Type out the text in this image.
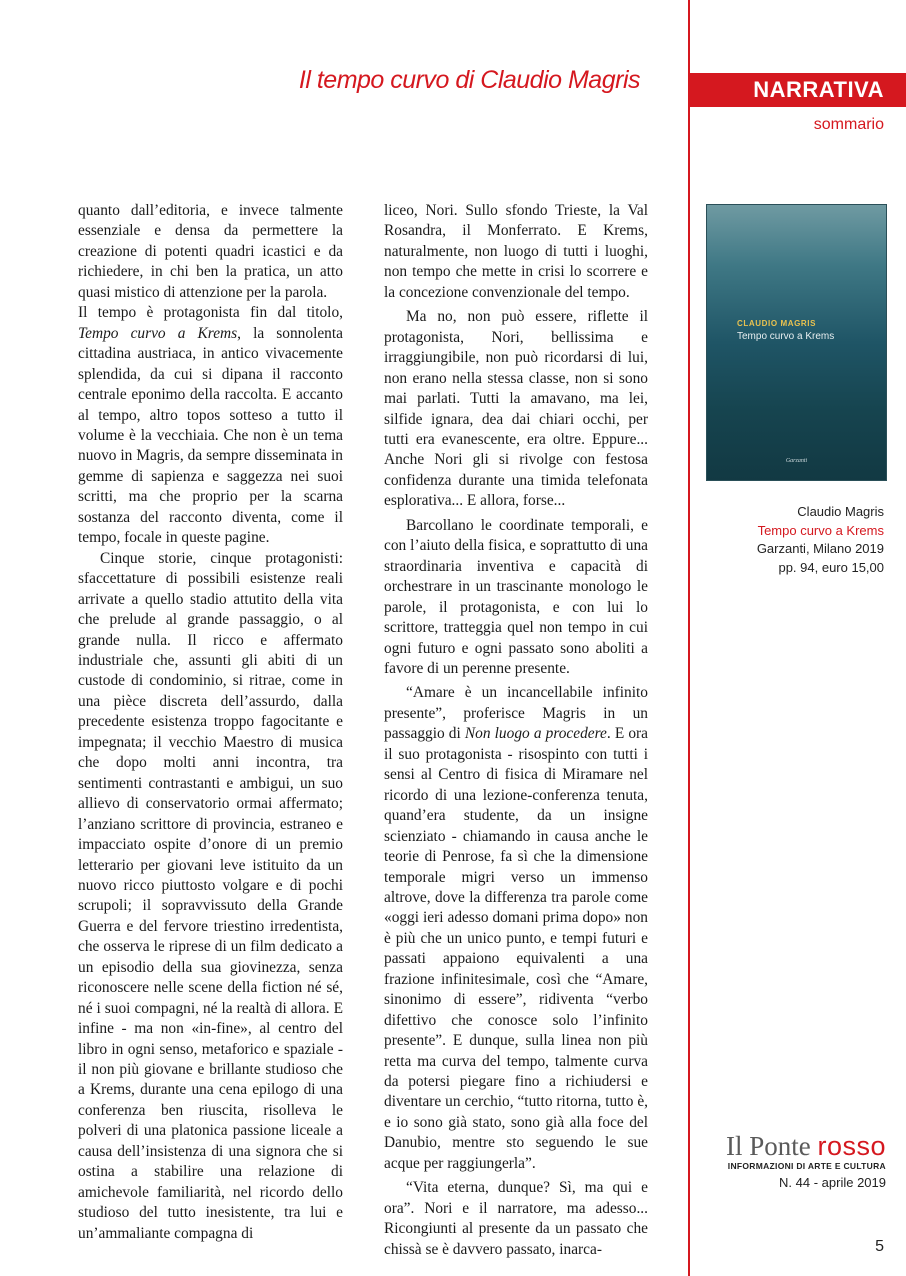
Il tempo curvo di Claudio Magris	NARRATIVA
sommario

quanto dall’editoria, e invece talmente essenziale e densa da permettere la creazione di potenti quadri icastici e da richiedere, in chi ben la pratica, un atto quasi mistico di attenzione per la parola.

Il tempo è protagonista fin dal titolo, Tempo curvo a Krems, la sonnolenta cittadina austriaca, in antico vivacemente splendida, da cui si dipana il racconto centrale eponimo della raccolta. E accanto al tempo, altro topos sotteso a tutto il volume è la vecchiaia. Che non è un tema nuovo in Magris, da sempre disseminata in gemme di sapienza e saggezza nei suoi scritti, ma che proprio per la scarna sostanza del racconto diventa, come il tempo, focale in queste pagine.

Cinque storie, cinque protagonisti: sfaccettature di possibili esistenze reali arrivate a quello stadio attutito della vita che prelude al grande passaggio, o al grande nulla. Il ricco e affermato industriale che, assunti gli abiti di un custode di condominio, si ritrae, come in una pièce discreta dell’assurdo, dalla precedente esistenza troppo fagocitante e impegnata; il vecchio Maestro di musica che dopo molti anni incontra, tra sentimenti contrastanti e ambigui, un suo allievo di conservatorio ormai affermato; l’anziano scrittore di provincia, estraneo e impacciato ospite d’onore di un premio letterario per giovani leve istituito da un nuovo ricco piuttosto volgare e di pochi scrupoli; il sopravvissuto della Grande Guerra e del fervore triestino irredentista, che osserva le riprese di un film dedicato a un episodio della sua giovinezza, senza riconoscere nelle scene della fiction né sé, né i suoi compagni, né la realtà di allora. E infine - ma non «in-fine», al centro del libro in ogni senso, metaforico e spaziale - il non più giovane e brillante studioso che a Krems, durante una cena epilogo di una conferenza ben riuscita, risolleva le polveri di una platonica passione liceale a causa dell’insistenza di una signora che si ostina a stabilire una relazione di amichevole familiarità, nel ricordo dello studioso del tutto inesistente, tra lui e un’ammaliante compagna di

liceo, Nori. Sullo sfondo Trieste, la Val Rosandra, il Monferrato. E Krems, naturalmente, non luogo di tutti i luoghi, non tempo che mette in crisi lo scorrere e la concezione convenzionale del tempo.

Ma no, non può essere, riflette il protagonista, Nori, bellissima e irraggiungibile, non può ricordarsi di lui, non erano nella stessa classe, non si sono mai parlati. Tutti la amavano, ma lei, silfide ignara, dea dai chiari occhi, per tutti era evanescente, era oltre. Eppure... Anche Nori gli si rivolge con festosa confidenza durante una timida telefonata esplorativa... E allora, forse...

Barcollano le coordinate temporali, e con l’aiuto della fisica, e soprattutto di una straordinaria inventiva e capacità di orchestrare in un trascinante monologo le parole, il protagonista, e con lui lo scrittore, tratteggia quel non tempo in cui ogni futuro e ogni passato sono aboliti a favore di un perenne presente.

“Amare è un incancellabile infinito presente”, proferisce Magris in un passaggio di Non luogo a procedere. E ora il suo protagonista - risospinto con tutti i sensi al Centro di fisica di Miramare nel ricordo di una lezione-conferenza tenuta, quand’era studente, da un insigne scienziato - chiamando in causa anche le teorie di Penrose, fa sì che la dimensione temporale migri verso un immenso altrove, dove la differenza tra parole come «oggi ieri adesso domani prima dopo» non è più che un unico punto, e tempi futuri e passati appaiono equivalenti a una frazione infinitesimale, così che “Amare, sinonimo di essere”, ridiventa “verbo difettivo che conosce solo l’infinito presente”. E dunque, sulla linea non più retta ma curva del tempo, talmente curva da potersi piegare fino a richiudersi e diventare un cerchio, “tutto ritorna, tutto è, e io sono già stato, sono già alla foce del Danubio, mentre sto seguendo le sue acque per raggiungerla”.

“Vita eterna, dunque? Sì, ma qui e ora”. Nori e il narratore, ma adesso... Ricongiunti al presente da un passato che chissà se è davvero passato, inarca-

CLAUDIO MAGRIS
Tempo curvo a Krems
Garzanti
Claudio Magris
Tempo curvo a Krems
Garzanti, Milano 2019
pp. 94, euro 15,00
Il Ponte rosso
INFORMAZIONI DI ARTE E CULTURA
N. 44 - aprile 2019
5
